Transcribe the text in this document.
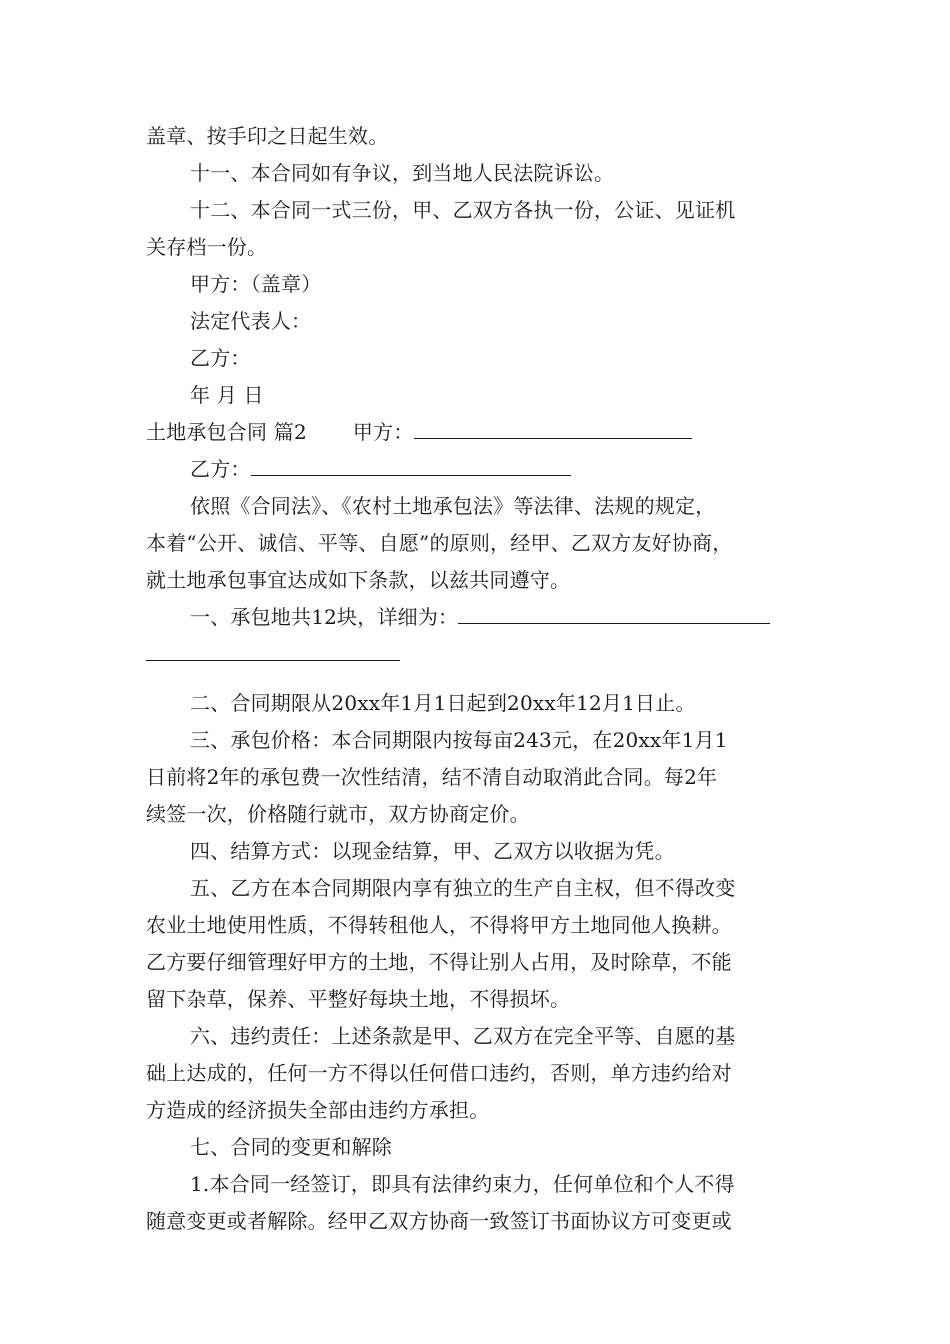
盖章、按手印之日起生效。
十一、本合同如有争议，到当地人民法院诉讼。
十二、本合同一式三份，甲、乙双方各执一份，公证、见证机
关存档一份。
甲方：（盖章）
法定代表人：
乙方：
年 月 日
土地承包合同 篇2 甲方：
乙方：
依照《合同法》、《农村土地承包法》等法律、法规的规定，
本着“公开、诚信、平等、自愿”的原则，经甲、乙双方友好协商，
就土地承包事宜达成如下条款，以兹共同遵守。
一、承包地共12块，详细为：
二、合同期限从20xx年1月1日起到20xx年12月1日止。
三、承包价格：本合同期限内按每亩243元，在20xx年1月1
日前将2年的承包费一次性结清，结不清自动取消此合同。每2年
续签一次，价格随行就市，双方协商定价。
四、结算方式：以现金结算，甲、乙双方以收据为凭。
五、乙方在本合同期限内享有独立的生产自主权，但不得改变
农业土地使用性质，不得转租他人，不得将甲方土地同他人换耕。
乙方要仔细管理好甲方的土地，不得让别人占用，及时除草，不能
留下杂草，保养、平整好每块土地，不得损坏。
六、违约责任：上述条款是甲、乙双方在完全平等、自愿的基
础上达成的，任何一方不得以任何借口违约，否则，单方违约给对
方造成的经济损失全部由违约方承担。
七、合同的变更和解除
1.本合同一经签订，即具有法律约束力，任何单位和个人不得
随意变更或者解除。经甲乙双方协商一致签订书面协议方可变更或
